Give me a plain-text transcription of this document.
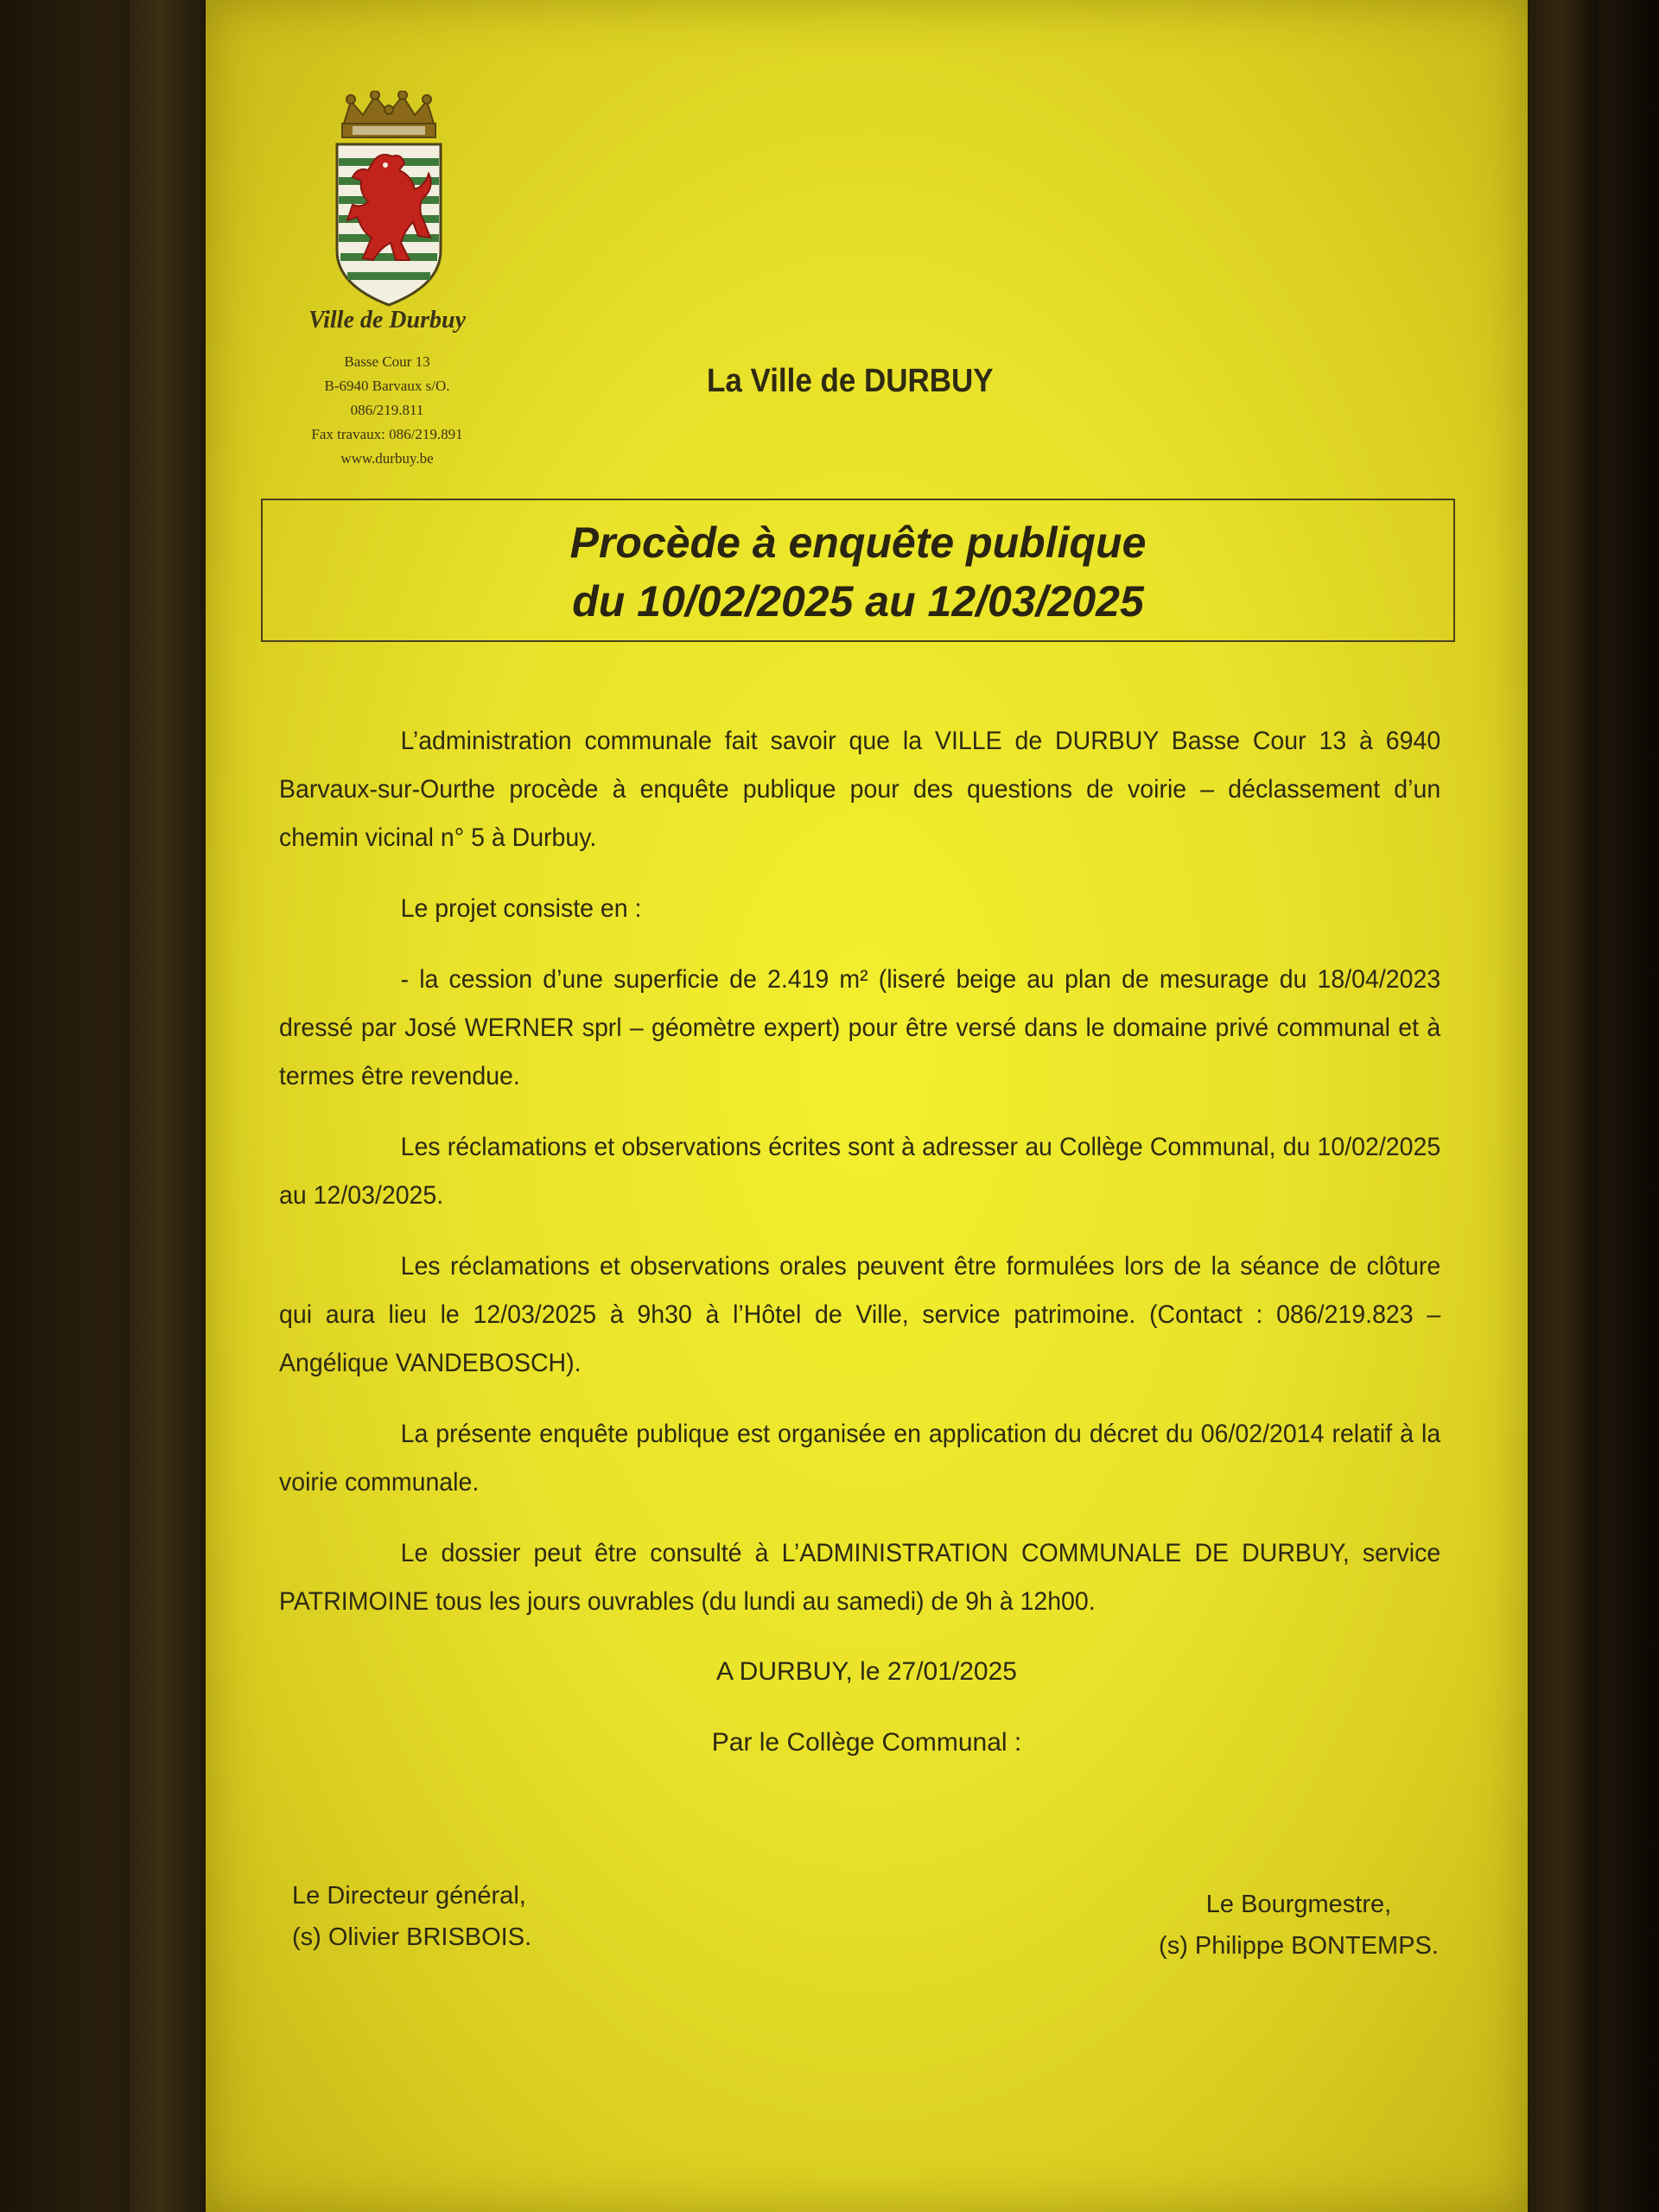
Ville de Durbuy
Basse Cour 13
B-6940 Barvaux s/O.
086/219.811
Fax travaux: 086/219.891
www.durbuy.be
La Ville de DURBUY
Procède à enquête publique
du 10/02/2025 au 12/03/2025

L’administration communale fait savoir que la VILLE de DURBUY Basse Cour 13 à 6940 Barvaux-sur-Ourthe procède à enquête publique pour des questions de voirie – déclassement d’un chemin vicinal n° 5 à Durbuy.

Le projet consiste en :

- la cession d’une superficie de 2.419 m² (liseré beige au plan de mesurage du 18/04/2023 dressé par José WERNER sprl – géomètre expert) pour être versé dans le domaine privé communal et à termes être revendue.

Les réclamations et observations écrites sont à adresser au Collège Communal, du 10/02/2025 au 12/03/2025.

Les réclamations et observations orales peuvent être formulées lors de la séance de clôture qui aura lieu le 12/03/2025 à 9h30 à l’Hôtel de Ville, service patrimoine. (Contact : 086/219.823 – Angélique VANDEBOSCH).

La présente enquête publique est organisée en application du décret du 06/02/2014 relatif à la voirie communale.

Le dossier peut être consulté à L’ADMINISTRATION COMMUNALE DE DURBUY, service PATRIMOINE tous les jours ouvrables (du lundi au samedi) de 9h à 12h00.

A DURBUY, le 27/01/2025
Par le Collège Communal :
Le Directeur général,
(s) Olivier BRISBOIS.
Le Bourgmestre,
(s) Philippe BONTEMPS.
